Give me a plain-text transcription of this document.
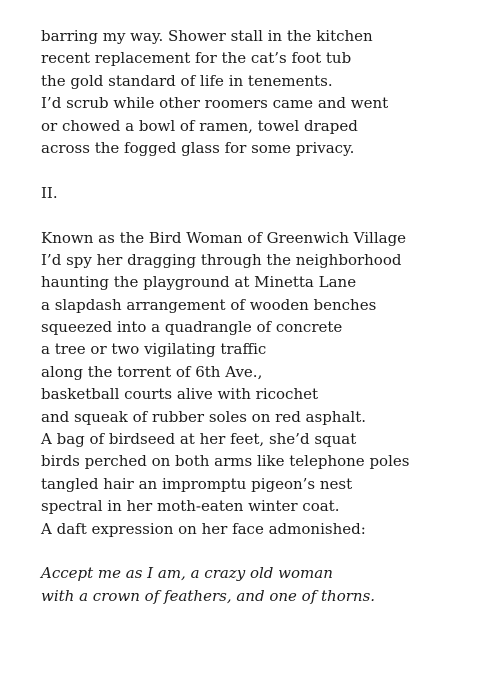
barring my way. Shower stall in the kitchen
recent replacement for the cat’s foot tub
the gold standard of life in tenements.
I’d scrub while other roomers came and went
or chowed a bowl of ramen, towel draped
across the fogged glass for some privacy.
II.
Known as the Bird Woman of Greenwich Village
I’d spy her dragging through the neighborhood
haunting the playground at Minetta Lane
a slapdash arrangement of wooden benches
squeezed into a quadrangle of concrete
a tree or two vigilating traffic
along the torrent of 6th Ave.,
basketball courts alive with ricochet
and squeak of rubber soles on red asphalt.
A bag of birdseed at her feet, she’d squat
birds perched on both arms like telephone poles
tangled hair an impromptu pigeon’s nest
spectral in her moth-eaten winter coat.
A daft expression on her face admonished:
Accept me as I am, a crazy old woman
with a crown of feathers, and one of thorns.
